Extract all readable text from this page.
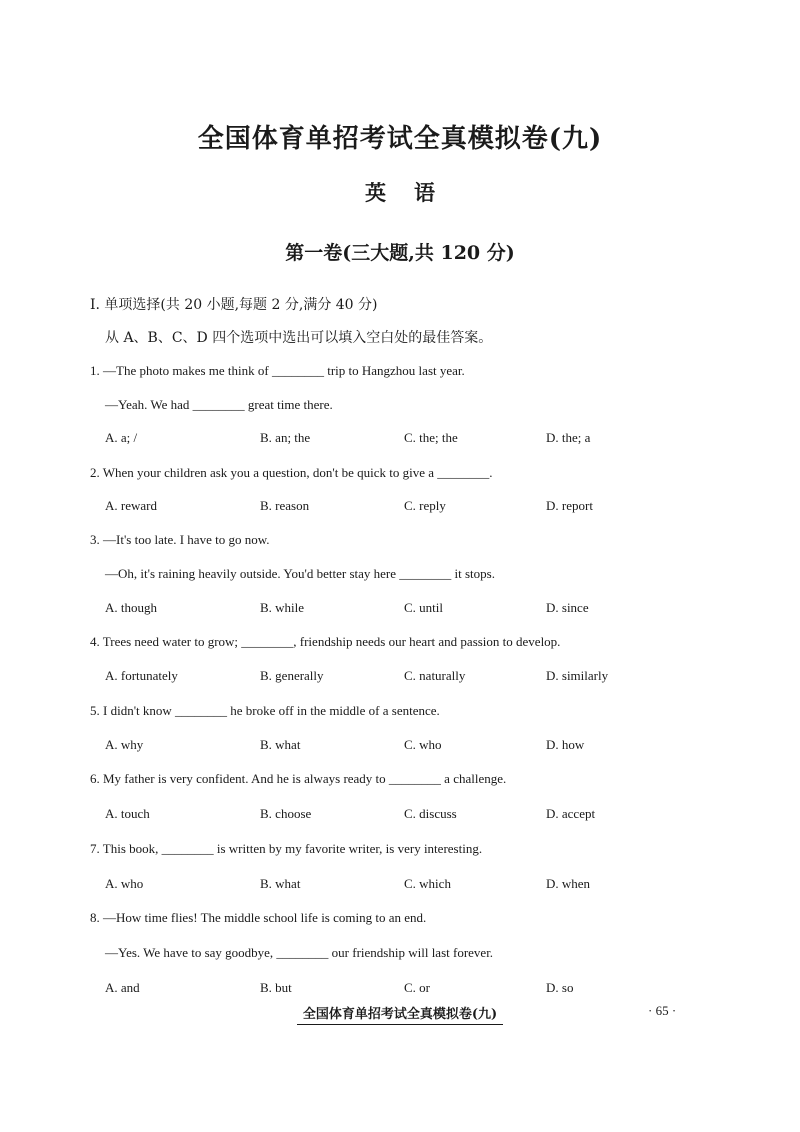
全国体育单招考试全真模拟卷(九)
英语
第一卷(三大题,共 120 分)
Ⅰ. 单项选择(共 20 小题,每题 2 分,满分 40 分)
从 A、B、C、D 四个选项中选出可以填入空白处的最佳答案。
1. —The photo makes me think of ________ trip to Hangzhou last year.
—Yeah. We had ________ great time there.
A. a; /	B. an; the	C. the; the	D. the; a
2. When your children ask you a question, don't be quick to give a ________.
A. reward	B. reason	C. reply	D. report
3. —It's too late. I have to go now.
—Oh, it's raining heavily outside. You'd better stay here ________ it stops.
A. though	B. while	C. until	D. since
4. Trees need water to grow; ________, friendship needs our heart and passion to develop.
A. fortunately	B. generally	C. naturally	D. similarly
5. I didn't know ________ he broke off in the middle of a sentence.
A. why	B. what	C. who	D. how
6. My father is very confident. And he is always ready to ________ a challenge.
A. touch	B. choose	C. discuss	D. accept
7. This book, ________ is written by my favorite writer, is very interesting.
A. who	B. what	C. which	D. when
8. —How time flies! The middle school life is coming to an end.
—Yes. We have to say goodbye, ________ our friendship will last forever.
A. and	B. but	C. or	D. so
全国体育单招考试全真模拟卷(九)	· 65 ·
